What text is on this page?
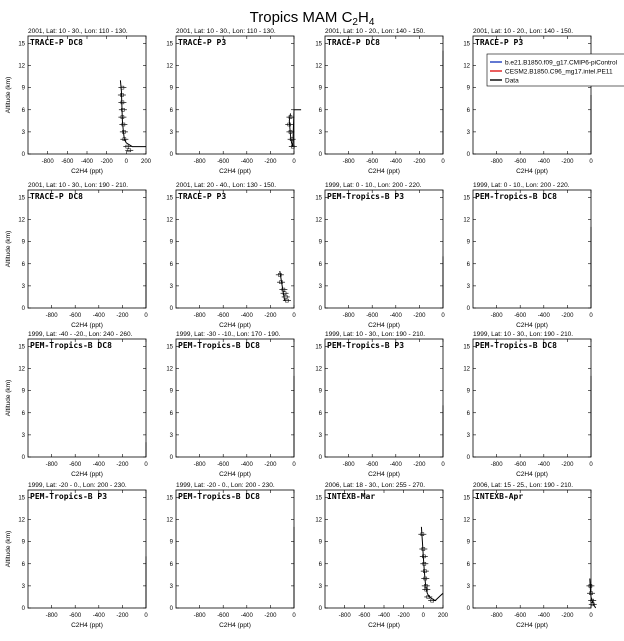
Tropics MAM $C_2H_4$
2001, Lat: 10 - 30., Lon: 110 - 130.
TRACE-P DC8
0
3
6
9
12
15
-800 -600 -400 -200 0 200
C2H4 (ppt)
Altitude (km)
2001, Lat: 10 - 30., Lon: 110 - 130.
TRACE-P P3
0
3
6
9
12
15
-800 -600 -400 -200	0
C2H4 (ppt)
2001, Lat: 10 - 20., Lon: 140 - 150.
TRACE-P DC8
0
3
6
9
12
15
-800 -600 -400 -200	0
C2H4 (ppt)
2001, Lat: 10 - 20., Lon: 140 - 150.
TRACE-P P3
0
3
6
9
12
15
-800 -600 -400 -200	0
C2H4 (ppt)
b.e21.B1850.f09_g17.CMIP6-piControl
CESM2.B1850.C96_mg17.intel.PE11
Data
2001, Lat: 10 - 30., Lon: 190 - 210.
TRACE-P DC8
0
3
6
9
12
15
-800 -600 -400 -200	0
C2H4 (ppt)
Altitude (km)
2001, Lat: 20 - 40., Lon: 130 - 150.
TRACE-P P3
0
3
6
9
12
15
-800 -600 -400 -200	0
C2H4 (ppt)
1999, Lat: 0 - 10., Lon: 200 - 220.
PEM-Tropics-B P3
0
3
6
9
12
15
-800 -600 -400 -200	0
C2H4 (ppt)
1999, Lat: 0 - 10., Lon: 200 - 220.
PEM-Tropics-B DC8
0
3
6
9
12
15
-800 -600 -400 -200	0
C2H4 (ppt)
1999, Lat: -40 - -20., Lon: 240 - 260.
PEM-Tropics-B DC8
0
3
6
9
12
15
-800 -600 -400 -200	0
C2H4 (ppt)
Altitude (km)
1999, Lat: -30 - -10., Lon: 170 - 190.
PEM-Tropics-B DC8
0
3
6
9
12
15
-800 -600 -400 -200	0
C2H4 (ppt)
1999, Lat: 10 - 30., Lon: 190 - 210.
PEM-Tropics-B P3
0
3
6
9
12
15
-800 -600 -400 -200	0
C2H4 (ppt)
1999, Lat: 10 - 30., Lon: 190 - 210.
PEM-Tropics-B DC8
0
3
6
9
12
15
-800 -600 -400 -200	0
C2H4 (ppt)
1999, Lat: -20 - 0., Lon: 200 - 230.
PEM-Tropics-B P3
0
3
6
9
12
15
-800 -600 -400 -200	0
C2H4 (ppt)
Altitude (km)
1999, Lat: -20 - 0., Lon: 200 - 230.
PEM-Tropics-B DC8
0
3
6
9
12
15
-800 -600 -400 -200	0
C2H4 (ppt)
2006, Lat: 18 - 30., Lon: 255 - 270.
INTEXB-Mar
0
3
6
9
12
15
-800 -600 -400 -200 0 200
C2H4 (ppt)
2006, Lat: 15 - 25., Lon: 190 - 210.
INTEXB-Apr
0
3
6
9
12
15
-800 -600 -400 -200	0
C2H4 (ppt)
